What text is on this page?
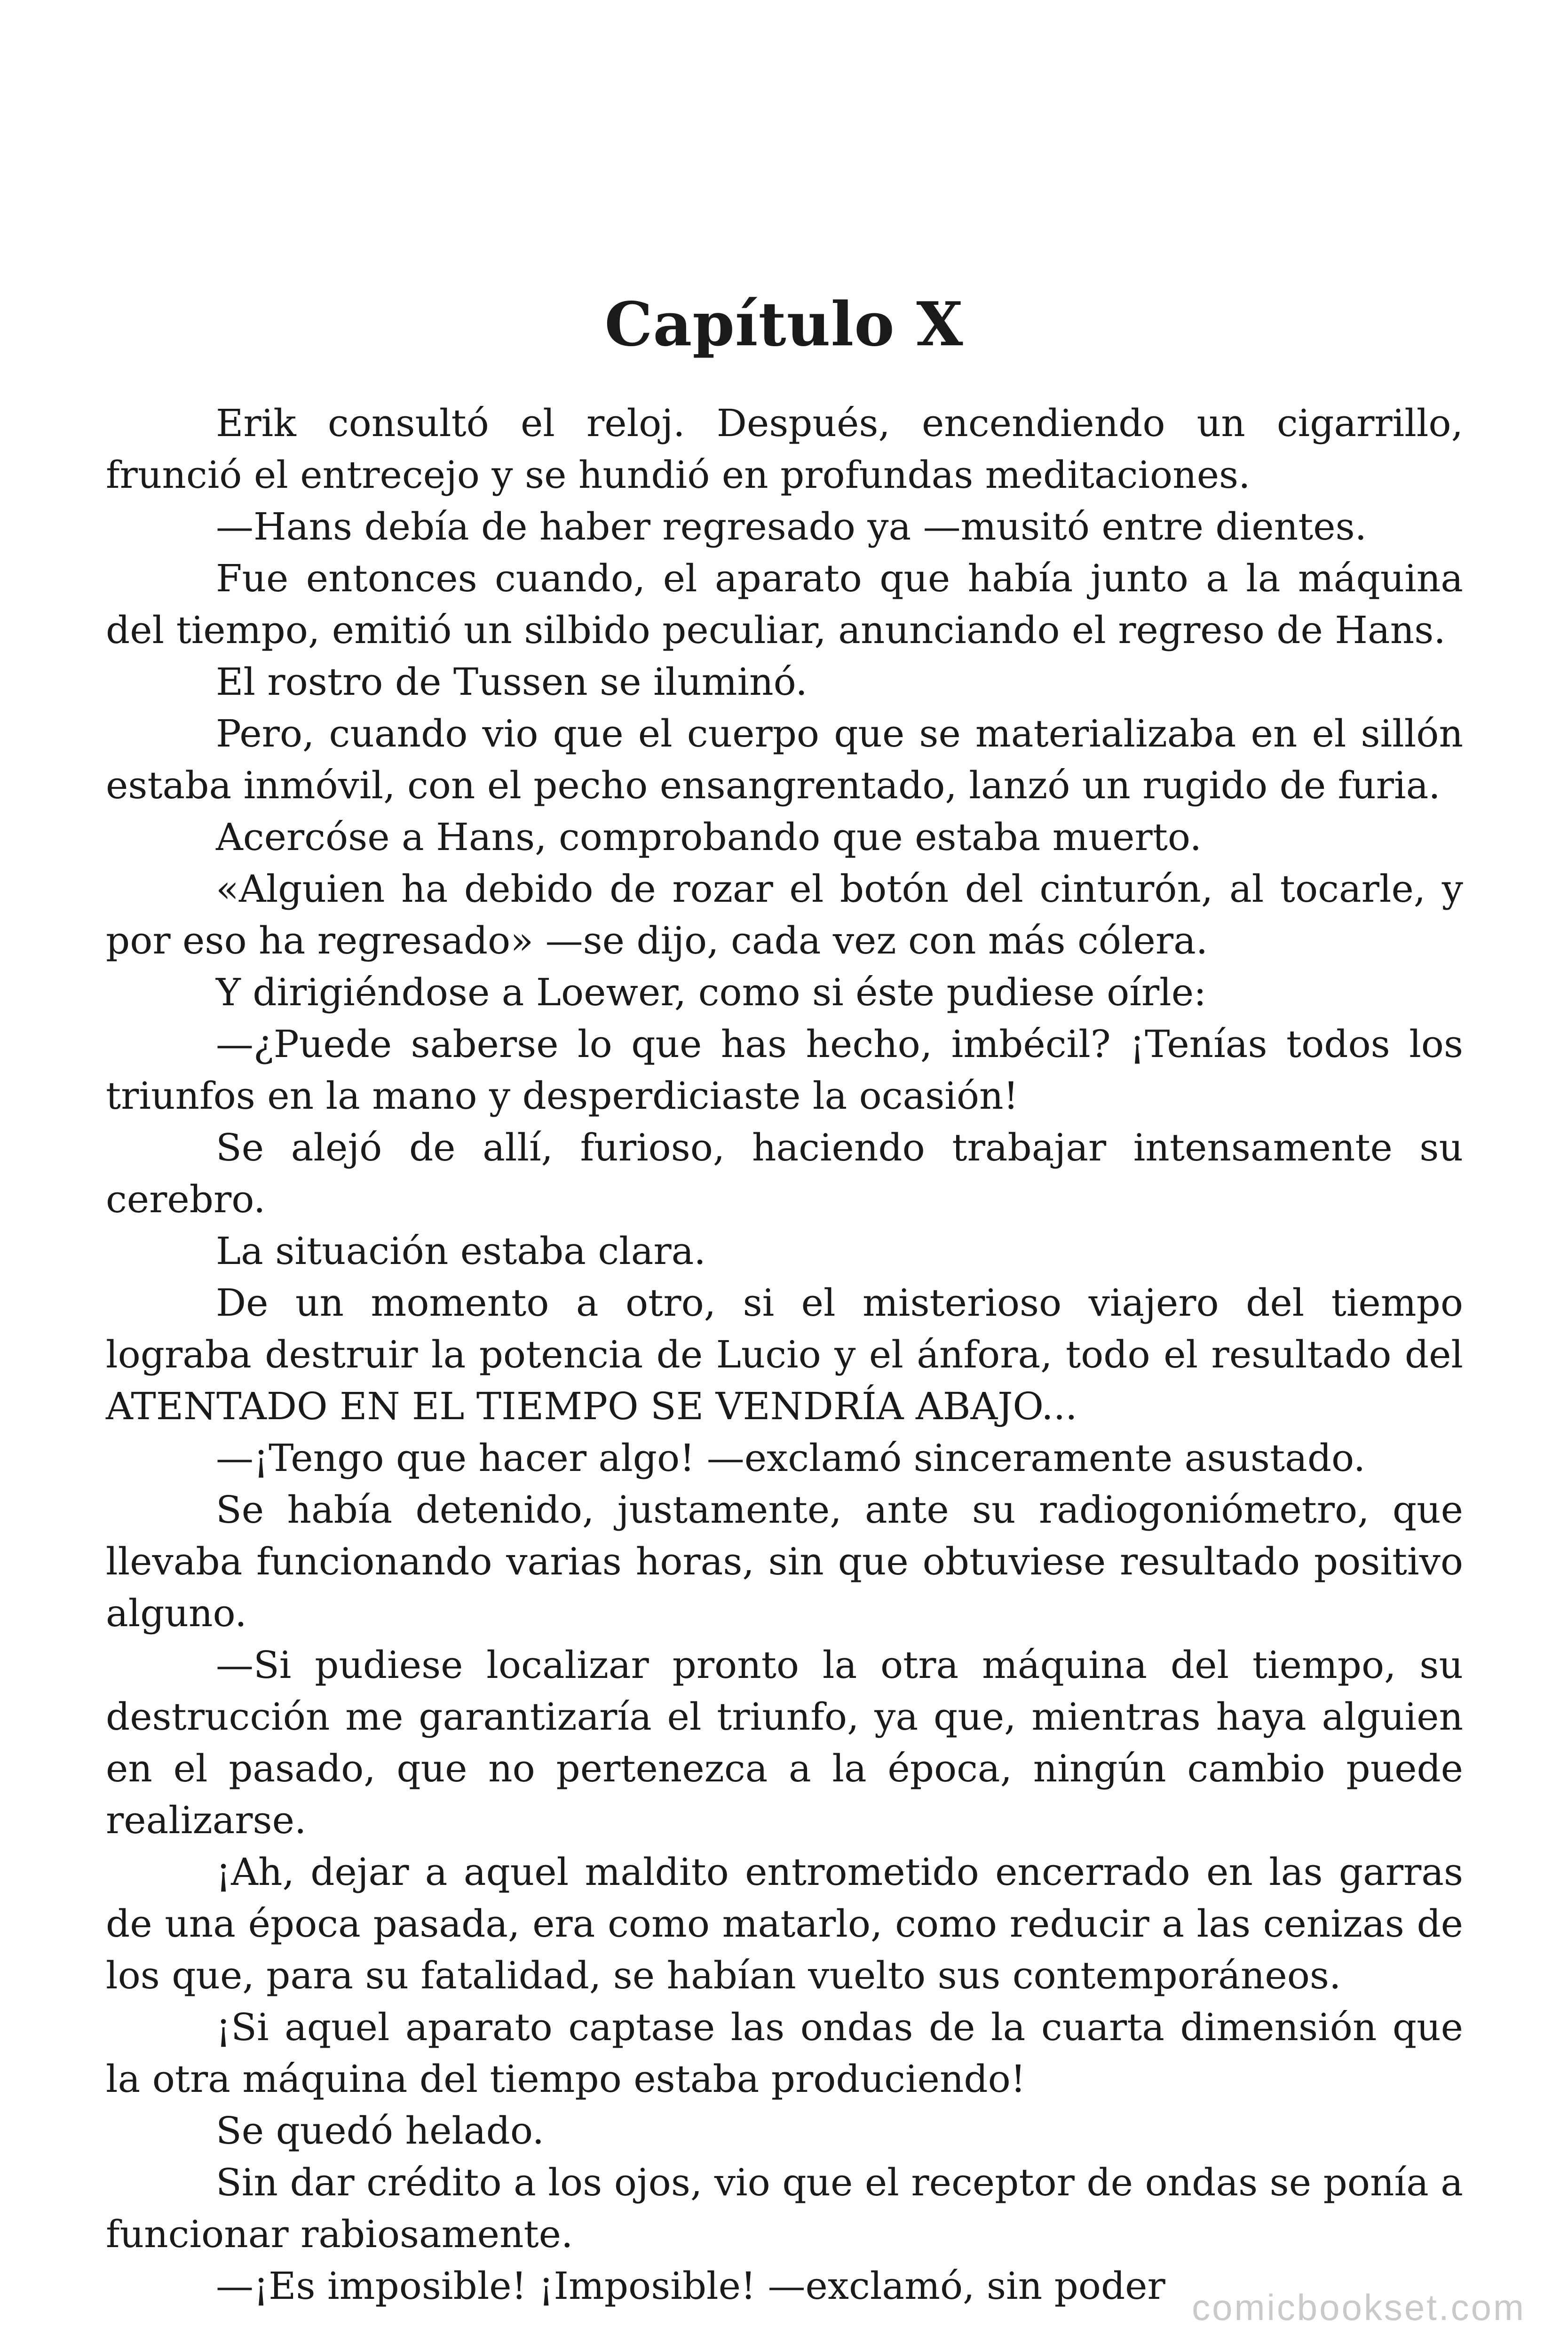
Capítulo X

Erik consultó el reloj. Después, encendiendo un cigarrillo, frunció el entrecejo y se hundió en profundas meditaciones.

—Hans debía de haber regresado ya —musitó entre dientes.

Fue entonces cuando, el aparato que había junto a la máquina del tiempo, emitió un silbido peculiar, anunciando el regreso de Hans.

El rostro de Tussen se iluminó.

Pero, cuando vio que el cuerpo que se materializaba en el sillón estaba inmóvil, con el pecho ensangrentado, lanzó un rugido de furia.

Acercóse a Hans, comprobando que estaba muerto.

«Alguien ha debido de rozar el botón del cinturón, al tocarle, y por eso ha regresado» —se dijo, cada vez con más cólera.

Y dirigiéndose a Loewer, como si éste pudiese oírle:

—¿Puede saberse lo que has hecho, imbécil? ¡Tenías todos los triunfos en la mano y desperdiciaste la ocasión!

Se alejó de allí, furioso, haciendo trabajar intensamente su cerebro.

La situación estaba clara.

De un momento a otro, si el misterioso viajero del tiempo lograba destruir la potencia de Lucio y el ánfora, todo el resultado del ATENTADO EN EL TIEMPO SE VENDRÍA ABAJO...

—¡Tengo que hacer algo! —exclamó sinceramente asustado.

Se había detenido, justamente, ante su radiogoniómetro, que llevaba funcionando varias horas, sin que obtuviese resultado positivo alguno.

—Si pudiese localizar pronto la otra máquina del tiempo, su destrucción me garantizaría el triunfo, ya que, mientras haya alguien en el pasado, que no pertenezca a la época, ningún cambio puede realizarse.

¡Ah, dejar a aquel maldito entrometido encerrado en las garras de una época pasada, era como matarlo, como reducir a las cenizas de los que, para su fatalidad, se habían vuelto sus contemporáneos.

¡Si aquel aparato captase las ondas de la cuarta dimensión que la otra máquina del tiempo estaba produciendo!

Se quedó helado.

Sin dar crédito a los ojos, vio que el receptor de ondas se ponía a funcionar rabiosamente.

—¡Es imposible! ¡Imposible! —exclamó, sin poder comicbookset.com
